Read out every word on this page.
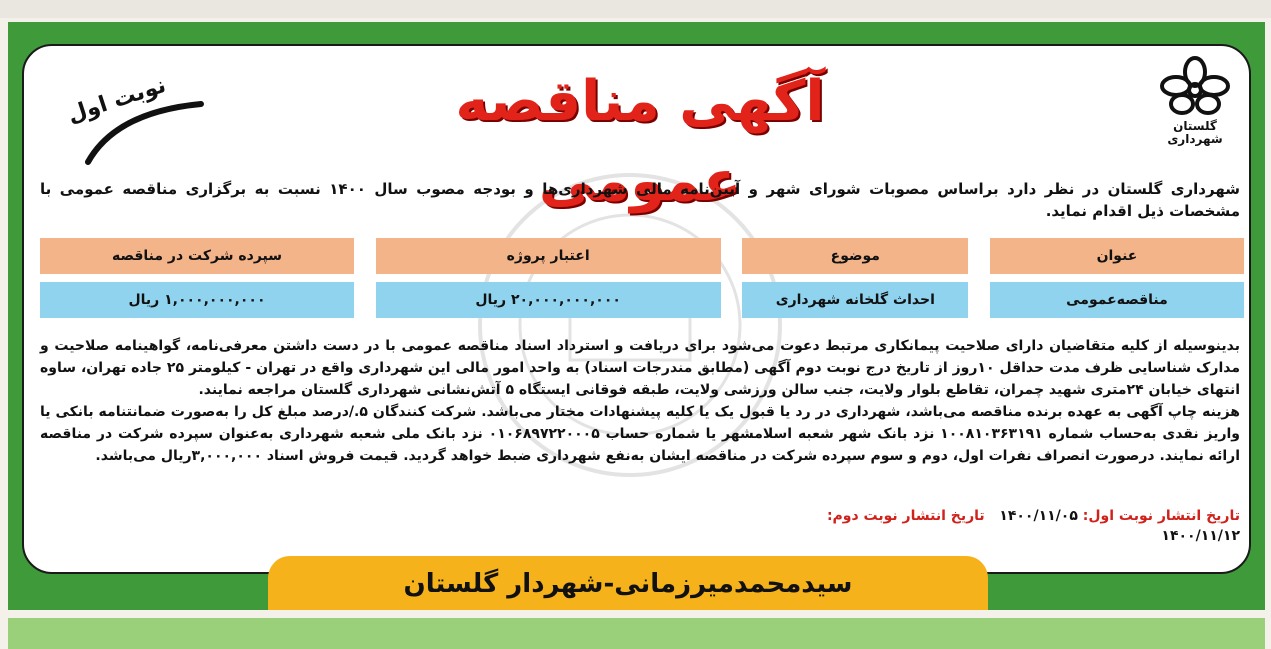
گلستان
شهرداری
آگهی مناقصه عمومی
نوبت اول
شهرداری گلستان در نظر دارد براساس مصوبات شورای شهر و آیین‌نامه مالی شهرداری‌ها و بودجه مصوب سال ۱۴۰۰ نسبت به برگزاری مناقصه عمومی با مشخصات ذیل اقدام نماید.
عنوان
موضوع
اعتبار پروژه
سپرده شرکت در مناقصه
مناقصه‌عمومی
احداث گلخانه شهرداری
۲۰,۰۰۰,۰۰۰,۰۰۰ ریال
۱,۰۰۰,۰۰۰,۰۰۰ ریال

بدینوسیله از کلیه متقاضیان دارای صلاحیت پیمانکاری مرتبط دعوت می‌شود برای دریافت و استرداد اسناد مناقصه عمومی با در دست داشتن معرفی‌نامه، گواهینامه صلاحیت و مدارک شناسایی ظرف مدت حداقل ۱۰روز از تاریخ درج نوبت دوم آگهی (مطابق مندرجات اسناد) به واحد امور مالی این شهرداری واقع در تهران - کیلومتر ۲۵ جاده تهران، ساوه انتهای خیابان ۲۴متری شهید چمران، تقاطع بلوار ولایت، جنب سالن ورزشی ولایت، طبقه فوقانی ایستگاه ۵ آتش‌نشانی شهرداری گلستان مراجعه نمایند.

هزینه چاپ آگهی به عهده برنده مناقصه می‌باشد، شهرداری در رد یا قبول یک یا کلیه پیشنهادات مختار می‌باشد. شرکت کنندگان ۵./درصد مبلغ کل را به‌صورت ضمانتنامه بانکی یا واریز نقدی به‌حساب شماره ۱۰۰۸۱۰۳۶۳۱۹۱ نزد بانک شهر شعبه اسلامشهر یا شماره حساب ۰۱۰۶۸۹۷۲۲۰۰۰۵ نزد بانک ملی شعبه شهرداری به‌عنوان سپرده شرکت در مناقصه ارائه نمایند. درصورت انصراف نفرات اول، دوم و سوم سپرده شرکت در مناقصه ایشان به‌نفع شهرداری ضبط خواهد گردید. قیمت فروش اسناد ۳,۰۰۰,۰۰۰ریال می‌باشد.

تاریخ انتشار نوبت اول: ۱۴۰۰/۱۱/۰۵   تاریخ انتشار نوبت دوم:
۱۴۰۰/۱۱/۱۲
سیدمحمدمیرزمانی-شهردار گلستان
